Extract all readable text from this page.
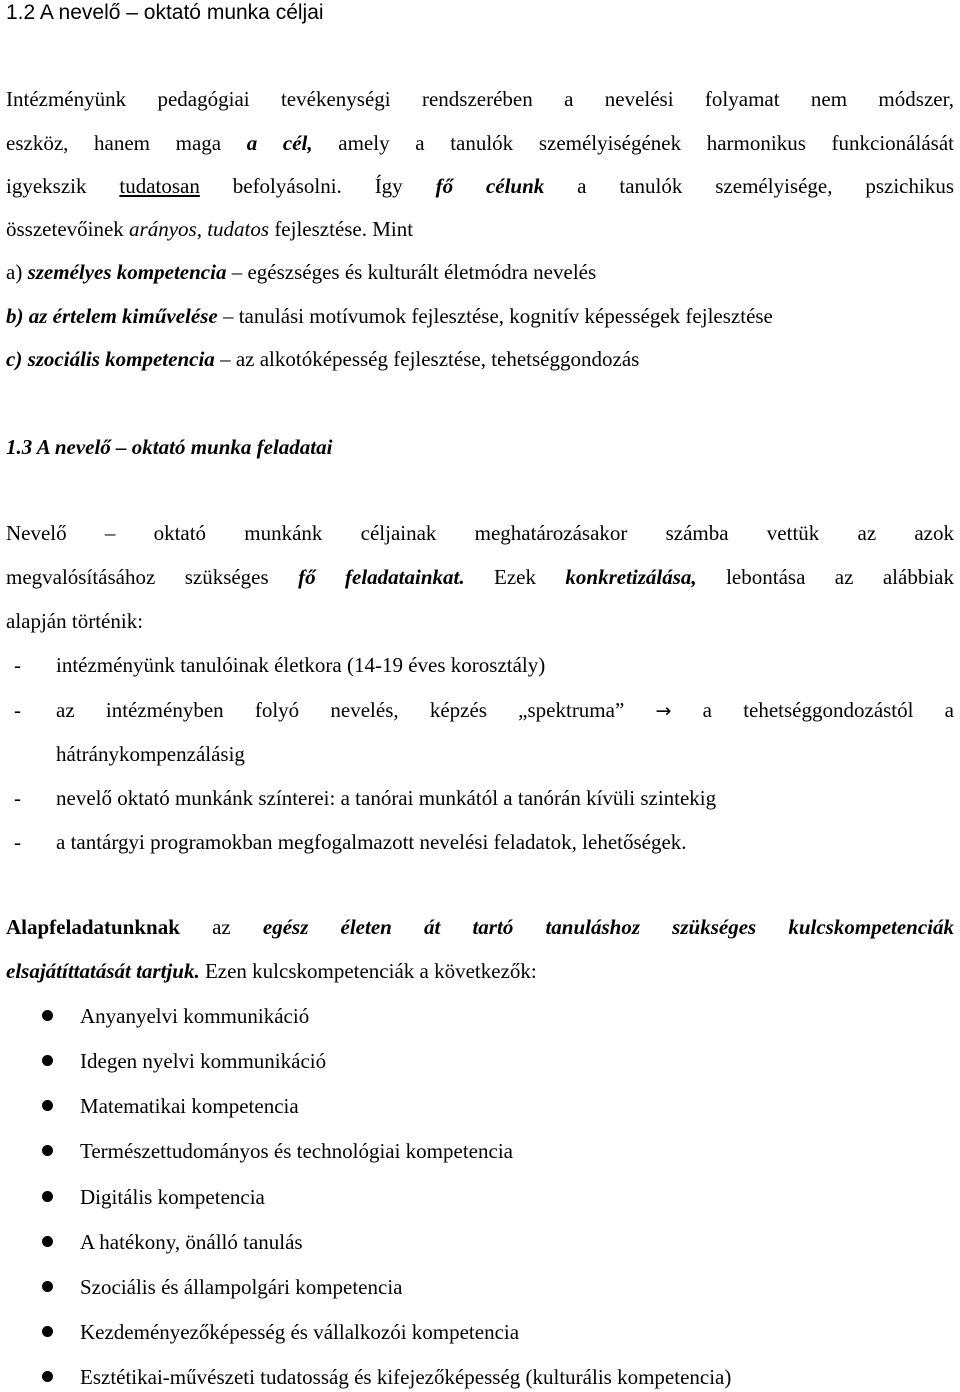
1.2 A nevelő – oktató munka céljai
Intézményünk pedagógiai tevékenységi rendszerében a nevelési folyamat nem módszer,
eszköz, hanem maga a cél, amely a tanulók személyiségének harmonikus funkcionálását
igyekszik tudatosan befolyásolni. Így fő célunk a tanulók személyisége, pszichikus
összetevőinek arányos, tudatos fejlesztése. Mint
a) személyes kompetencia – egészséges és kulturált életmódra nevelés
b) az értelem kiművelése – tanulási motívumok fejlesztése, kognitív képességek fejlesztése
c) szociális kompetencia – az alkotóképesség fejlesztése, tehetséggondozás
1.3 A nevelő – oktató munka feladatai
Nevelő – oktató munkánk céljainak meghatározásakor számba vettük az azok
megvalósításához szükséges fő feladatainkat. Ezek konkretizálása, lebontása az alábbiak
alapján történik:
- intézményünk tanulóinak életkora (14-19 éves korosztály)
- az intézményben folyó nevelés, képzés „spektruma” → a tehetséggondozástól a
hátránykompenzálásig
- nevelő oktató munkánk színterei: a tanórai munkától a tanórán kívüli szintekig
- a tantárgyi programokban megfogalmazott nevelési feladatok, lehetőségek.
Alapfeladatunknak az egész életen át tartó tanuláshoz szükséges kulcskompetenciák
elsajátíttatását tartjuk. Ezen kulcskompetenciák a következők:
Anyanyelvi kommunikáció
Idegen nyelvi kommunikáció
Matematikai kompetencia
Természettudományos és technológiai kompetencia
Digitális kompetencia
A hatékony, önálló tanulás
Szociális és állampolgári kompetencia
Kezdeményezőképesség és vállalkozói kompetencia
Esztétikai-művészeti tudatosság és kifejezőképesség (kulturális kompetencia)
